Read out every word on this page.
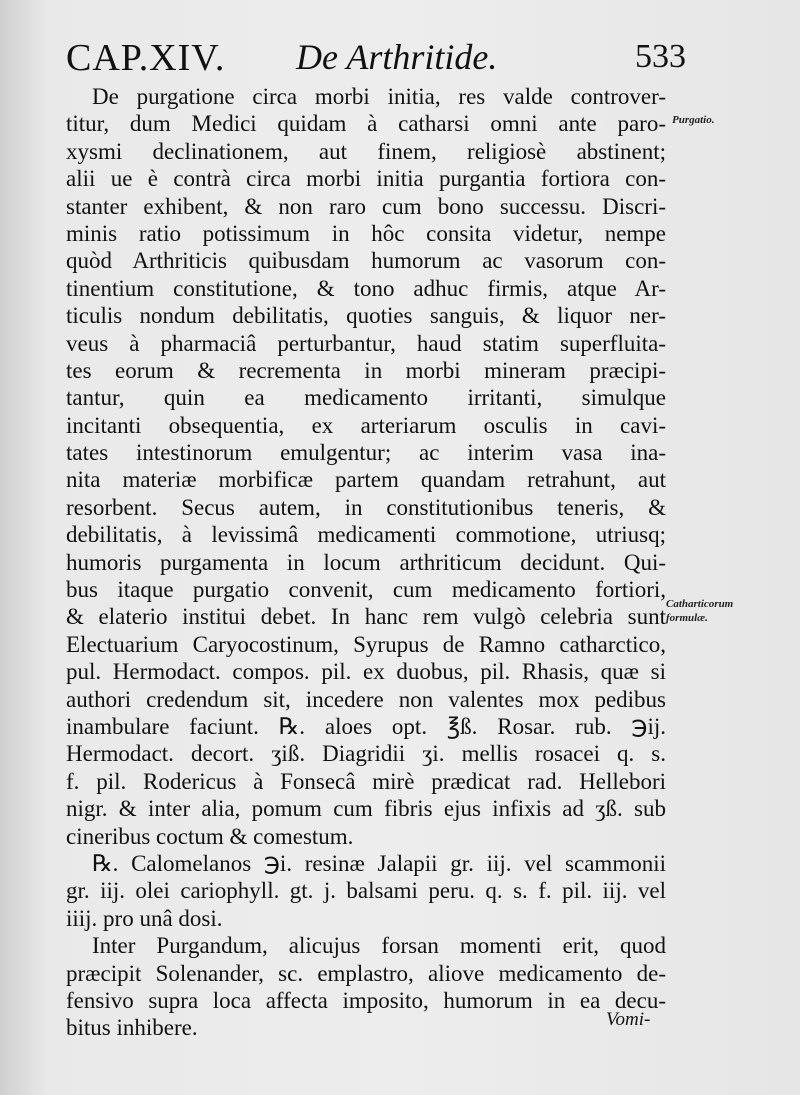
CAP.XIV. De Arthritide.	533
Purgatio.
Catharticorum
formulæ.
De purgatione circa morbi initia, res valde controver-
titur, dum Medici quidam à catharsi omni ante paro-
xysmi declinationem, aut finem, religiosè abstinent;
alii ue è contrà circa morbi initia purgantia fortiora con-
stanter exhibent, & non raro cum bono successu. Discri-
minis ratio potissimum in hôc consita videtur, nempe
quòd Arthriticis quibusdam humorum ac vasorum con-
tinentium constitutione, & tono adhuc firmis, atque Ar-
ticulis nondum debilitatis, quoties sanguis, & liquor ner-
veus à pharmaciâ perturbantur, haud statim superfluita-
tes eorum & recrementa in morbi mineram præcipi-
tantur, quin ea medicamento irritanti, simulque
incitanti obsequentia, ex arteriarum osculis in cavi-
tates intestinorum emulgentur; ac interim vasa ina-
nita materiæ morbificæ partem quandam retrahunt, aut
resorbent. Secus autem, in constitutionibus teneris, &
debilitatis, à levissimâ medicamenti commotione, utriusq;
humoris purgamenta in locum arthriticum decidunt. Qui-
bus itaque purgatio convenit, cum medicamento fortiori,
& elaterio institui debet. In hanc rem vulgò celebria sunt
Electuarium Caryocostinum, Syrupus de Ramno catharctico,
pul. Hermodact. compos. pil. ex duobus, pil. Rhasis, quæ si
authori credendum sit, incedere non valentes mox pedibus
inambulare faciunt. ℞. aloes opt. ℥ß. Rosar. rub. ℈ij.
Hermodact. decort. ʒiß. Diagridii ʒi. mellis rosacei q. s.
f. pil. Rodericus à Fonsecâ mirè prædicat rad. Hellebori
nigr. & inter alia, pomum cum fibris ejus infixis ad ʒß. sub
cineribus coctum & comestum.
℞. Calomelanos ℈i. resinæ Jalapii gr. iij. vel scammonii
gr. iij. olei cariophyll. gt. j. balsami peru. q. s. f. pil. iij. vel
iiij. pro unâ dosi.
Inter Purgandum, alicujus forsan momenti erit, quod
præcipit Solenander, sc. emplastro, aliove medicamento de-
fensivo supra loca affecta imposito, humorum in ea decu-
bitus inhibere.	Vomi-
